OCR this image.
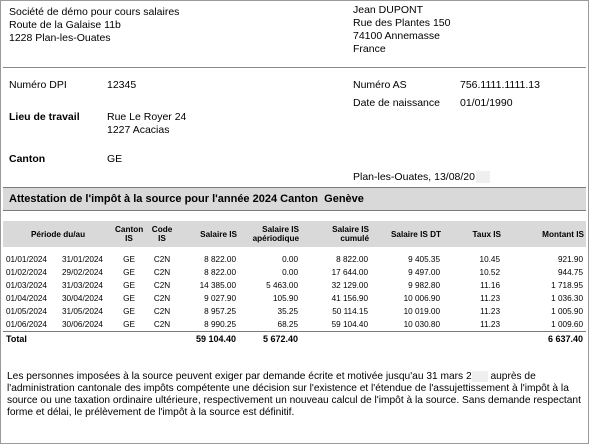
Société de démo pour cours salaires
Route de la Galaise 11b
1228 Plan-les-Ouates
Jean DUPONT
Rue des Plantes 150
74100 Annemasse
France
Numéro DPI	12345	Numéro AS	756.1111.1111.13
Date de naissance 01/01/1990
Lieu de travail	Rue Le Royer 24
1227 Acacias
Canton	GE
Plan-les-Ouates, 13/08/20
Attestation de l'impôt à la source pour l'année 2024 Canton Genève
Période du/au		Canton IS	Code IS	Salaire IS	Salaire IS apériodique	Salaire IS cumulé	Salaire IS DT	Taux IS	Montant IS

01/01/2024	31/01/2024	GE	C2N	8 822.00	0.00	8 822.00	9 405.35	10.45	921.90
01/02/2024	29/02/2024	GE	C2N	8 822.00	0.00	17 644.00	9 497.00	10.52	944.75
01/03/2024	31/03/2024	GE	C2N	14 385.00	5 463.00	32 129.00	9 982.80	11.16	1 718.95
01/04/2024	30/04/2024	GE	C2N	9 027.90	105.90	41 156.90	10 006.90	11.23	1 036.30
01/05/2024	31/05/2024	GE	C2N	8 957.25	35.25	50 114.15	10 019.00	11.23	1 005.90
01/06/2024	30/06/2024	GE	C2N	8 990.25	68.25	59 104.40	10 030.80	11.23	1 009.60
Total				59 104.40	5 672.40				6 637.40
Les personnes imposées à la source peuvent exiger par demande écrite et motivée jusqu'au 31 mars 2 auprès de l'administration cantonale des impôts compétente une décision sur l'existence et l'étendue de l'assujettissement à l'impôt à la source ou une taxation ordinaire ultérieure, respectivement un nouveau calcul de l'impôt à la source. Sans demande respectant forme et délai, le prélèvement de l'impôt à la source est définitif.
